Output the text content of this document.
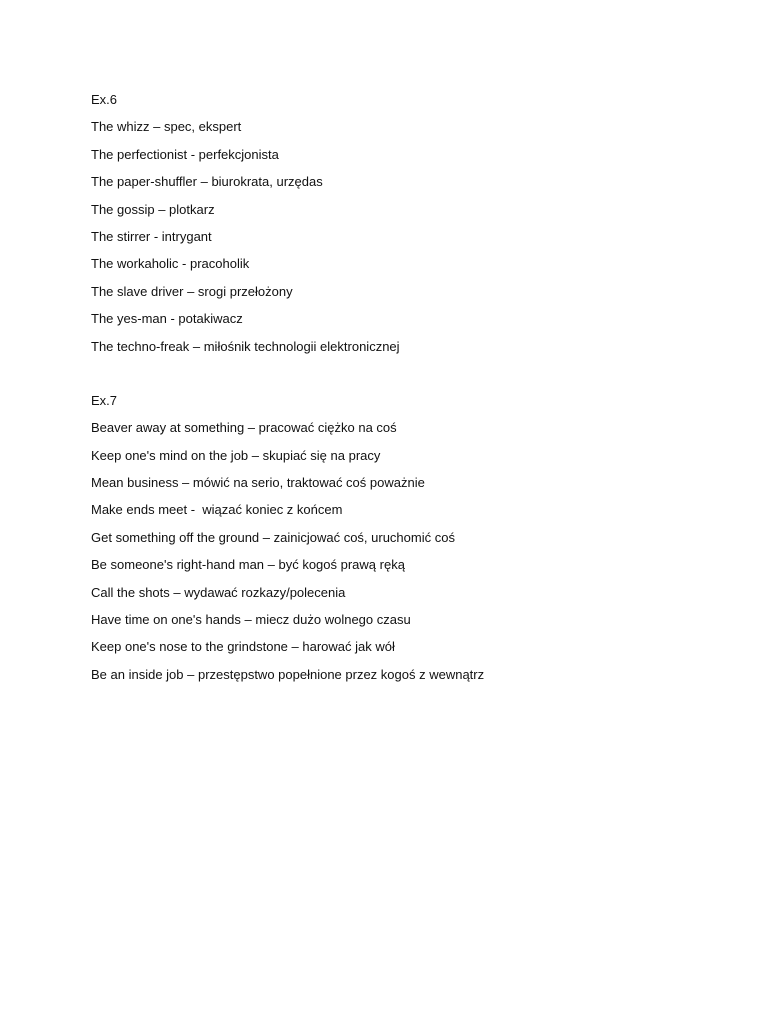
Ex.6

The whizz – spec, ekspert

The perfectionist - perfekcjonista

The paper-shuffler – biurokrata, urzędas

The gossip – plotkarz

The stirrer - intrygant

The workaholic - pracoholik

The slave driver – srogi przełożony

The yes-man - potakiwacz

The techno-freak – miłośnik technologii elektronicznej

Ex.7

Beaver away at something – pracować ciężko na coś

Keep one's mind on the job – skupiać się na pracy

Mean business – mówić na serio, traktować coś poważnie

Make ends meet -  wiązać koniec z końcem

Get something off the ground – zainicjować coś, uruchomić coś

Be someone's right-hand man – być kogoś prawą ręką

Call the shots – wydawać rozkazy/polecenia

Have time on one's hands – miecz dużo wolnego czasu

Keep one's nose to the grindstone – harować jak wół

Be an inside job – przestępstwo popełnione przez kogoś z wewnątrz
